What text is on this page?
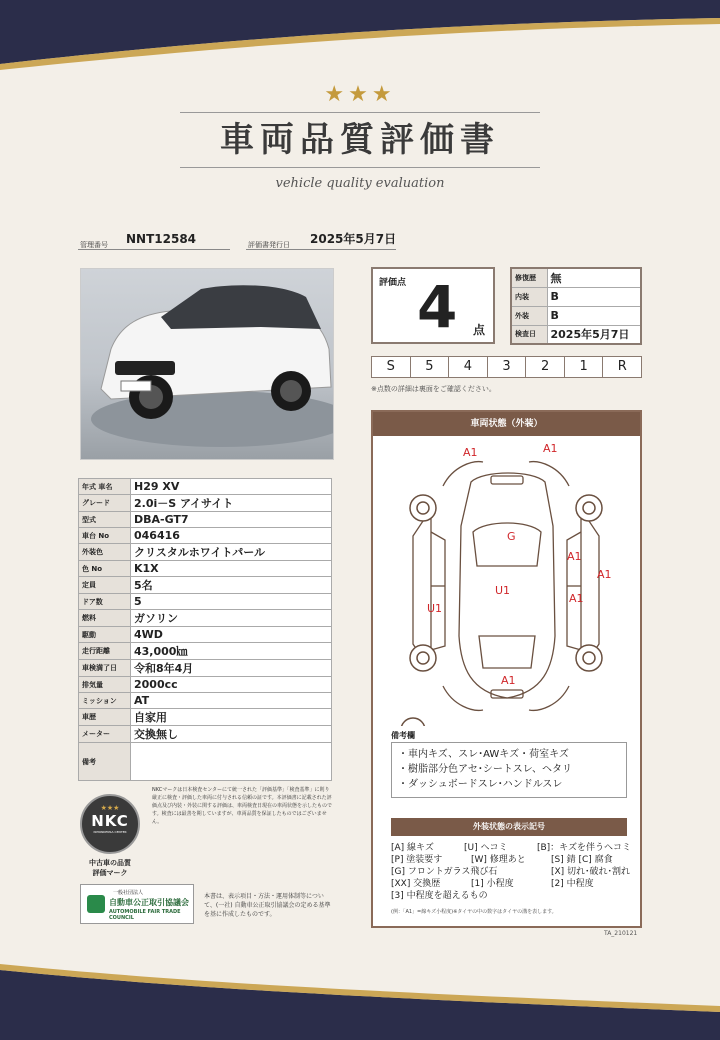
★★★
車両品質評価書
vehicle quality evaluation
管理番号 NNT12584	評価書発行日 2025年5月7日
年式 車名	H29 XV
グレード	2.0i－S アイサイト
型式	DBA-GT7
車台 No	046416
外装色	クリスタルホワイトパール
色 No	K1X
定員	5名
ドア数	5
燃料	ガソリン
駆動	4WD
走行距離	43,000㎞
車検満了日	令和8年4月
排気量	2000cc
ミッション	AT
車歴	自家用
メーター	交換無し
備考	
評価点 4 点
修復歴	無
内装	B
外装	B
検査日	2025年5月7日
S	5	4	3	2	1	R
※点数の詳細は裏面をご確認ください。
車両状態（外装）
A1	A1
G
A1
A1
U1
A1
U1
A1
備考欄
・車内キズ、スレ･AWキズ・荷室キズ
・樹脂部分色アセ･シートスレ、ヘタリ
・ダッシュボードスレ･ハンドルスレ
外装状態の表示記号
[A] 線キズ	[U] ヘコミ	[B]：キズを伴うヘコミ
[P] 塗装要す	[W] 修理あと	[S] 錆 [C] 腐食
[G] フロントガラス飛び石	[X] 切れ･破れ･割れ
[XX] 交換歴	[1] 小程度	[2] 中程度
[3] 中程度を超えるもの
(例：「A1」=線キズ小程度)※タイヤの中の数字はタイヤの溝を表します。
★★★
NKC
NIHONKENSA CENTER
中古車の品質
評価マーク
NKCマークは日本検査センターにて統一された「評価基準」「検査基準」に則り厳正に検査・評価した車両に付与される信頼の証です。本評価書に記載された評価点及び内装・外装に関する評価は、車両検査日現在の車両状態を示したものです。検査には最善を期していますが、車両品質を保証したものではございません。
一般社団法人
自動車公正取引協議会
AUTOMOBILE FAIR TRADE COUNCIL
本書は、表示項目・方法・運用体制等について、(一社) 自動車公正取引協議会の定める基準を基に作成したものです。
TA_210121
